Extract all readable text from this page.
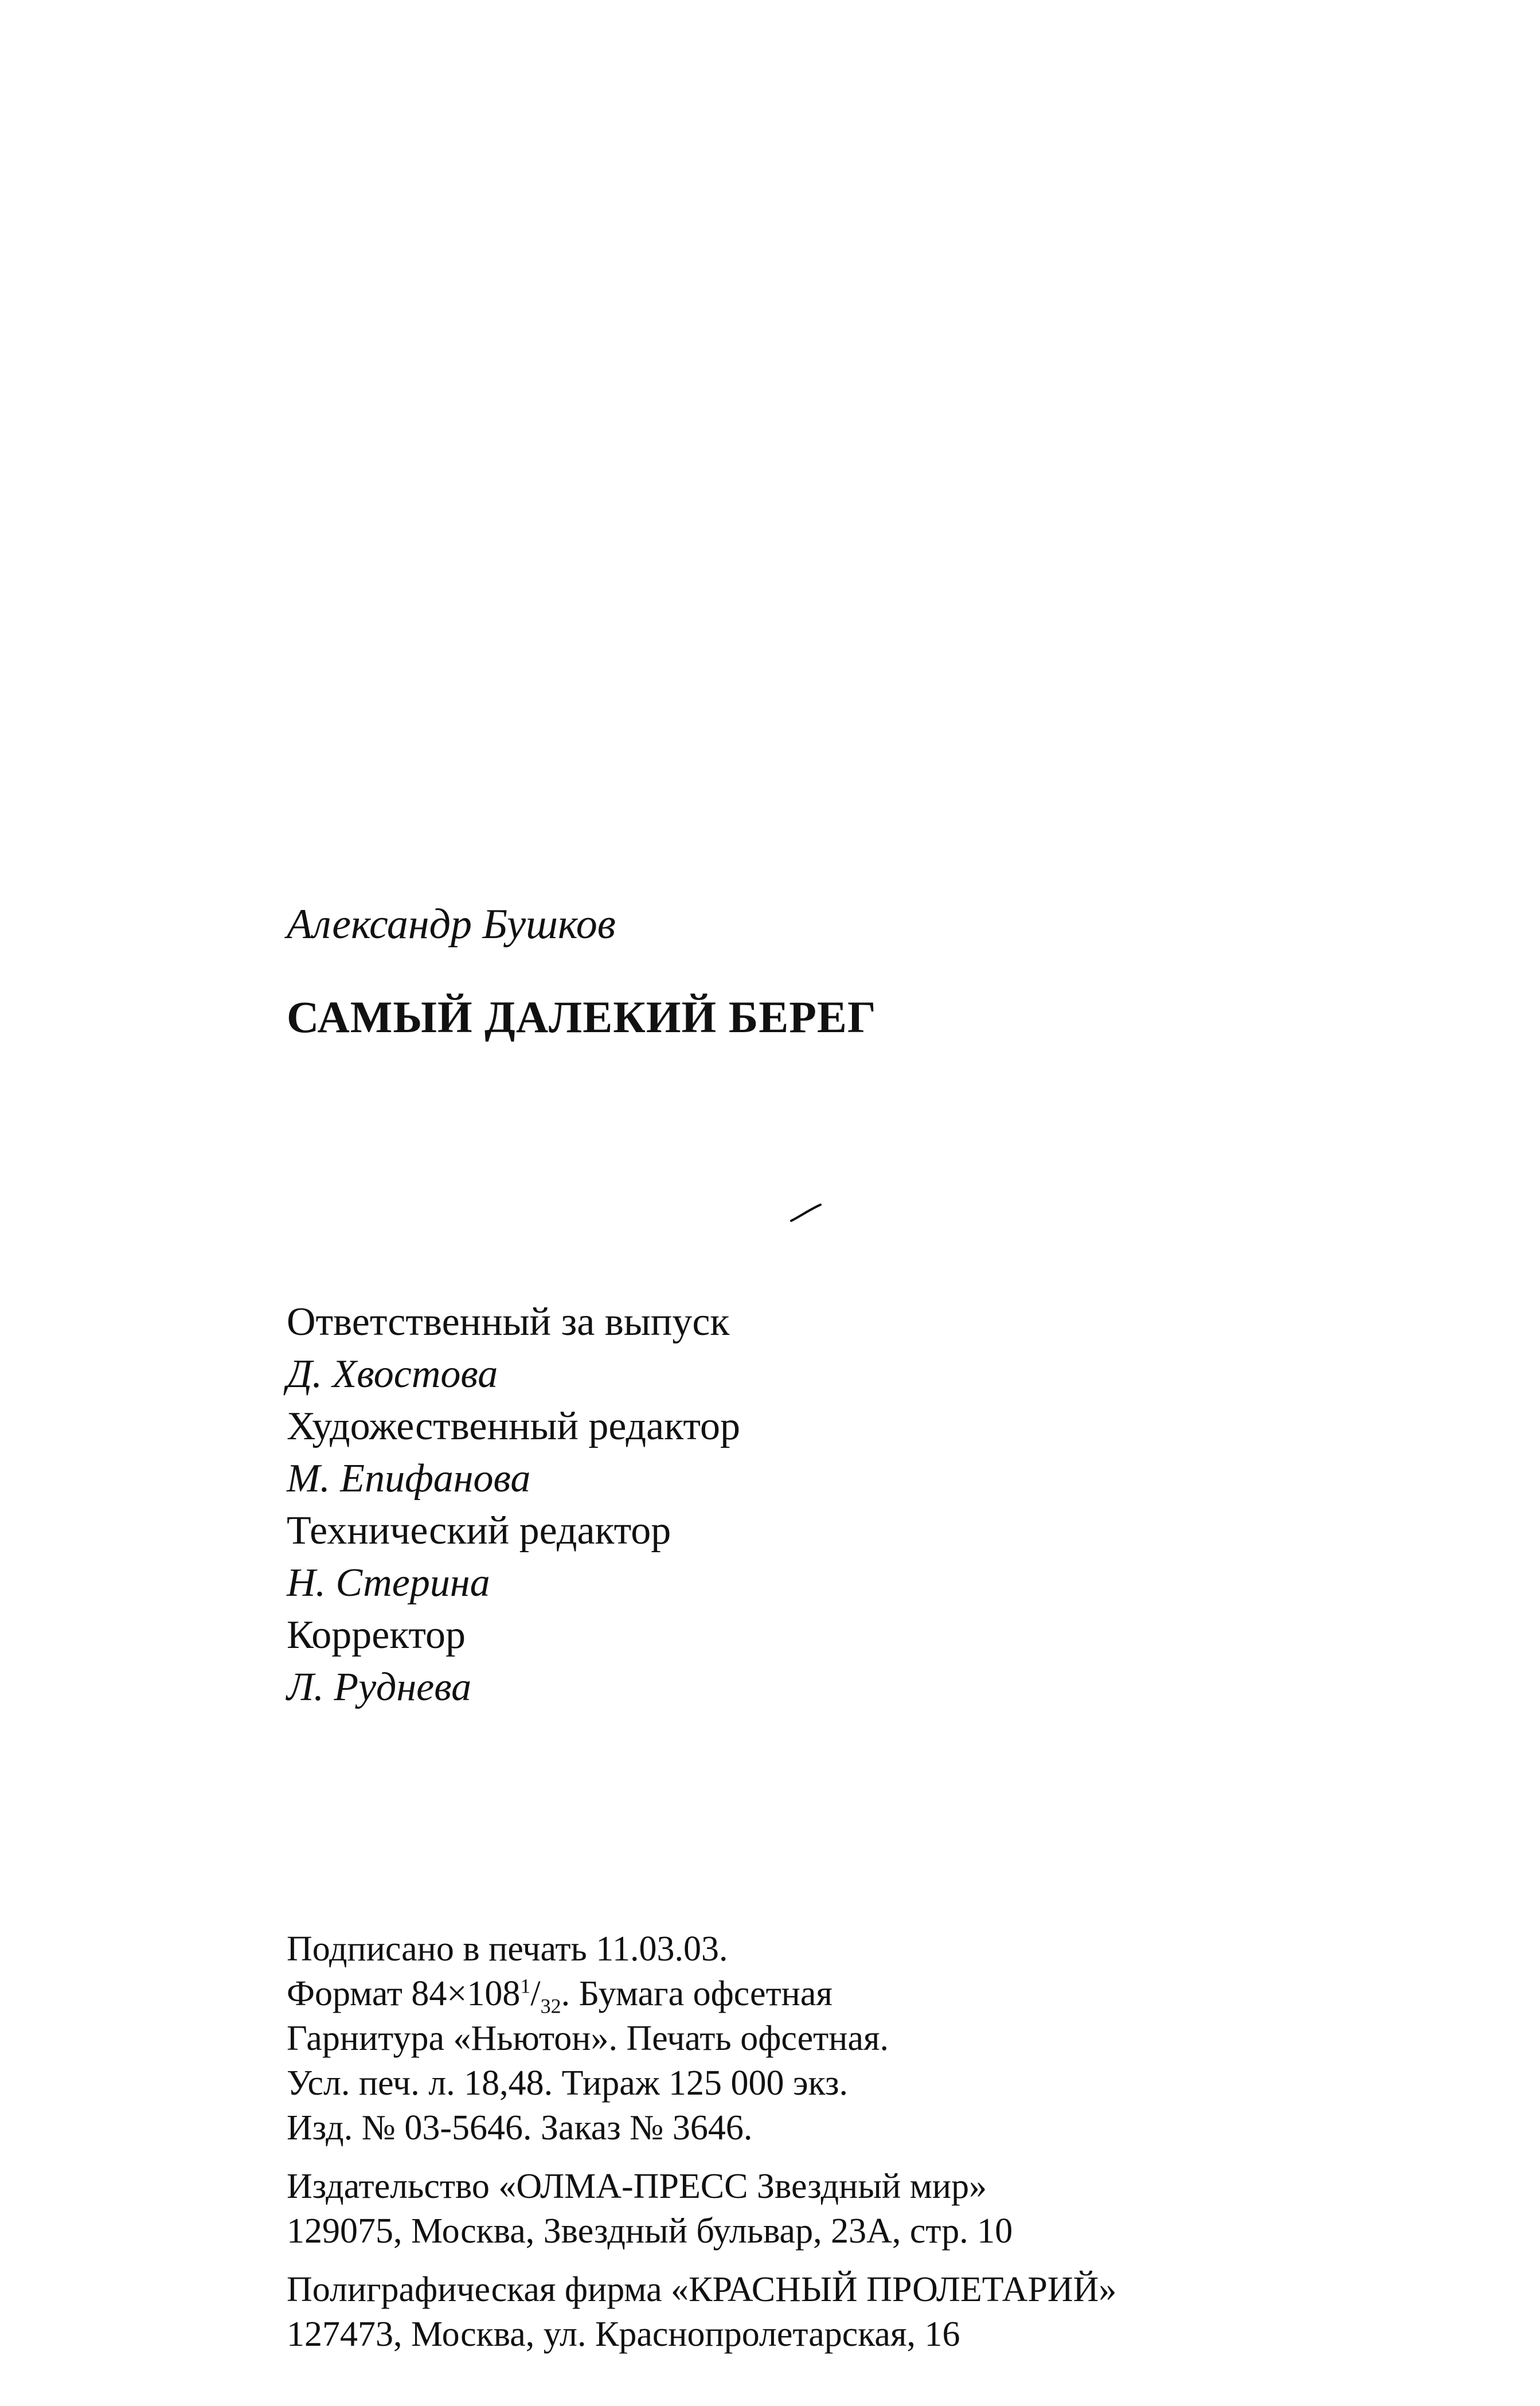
Александр Бушков
САМЫЙ ДАЛЕКИЙ БЕРЕГ
Ответственный за выпуск
Д. Хвостова
Художественный редактор
М. Епифанова
Технический редактор
Н. Стерина
Корректор
Л. Руднева
Подписано в печать 11.03.03.
Формат $84\times 108^1/_{32}$. Бумага офсетная
Гарнитура «Ньютон». Печать офсетная.
Усл. печ. л. 18,48. Тираж 125 000 экз.
Изд. № 03-5646. Заказ № 3646.
Издательство «ОЛМА-ПРЕСС Звездный мир»
129075, Москва, Звездный бульвар, 23А, стр. 10
Полиграфическая фирма «КРАСНЫЙ ПРОЛЕТАРИЙ»
127473, Москва, ул. Краснопролетарская, 16
